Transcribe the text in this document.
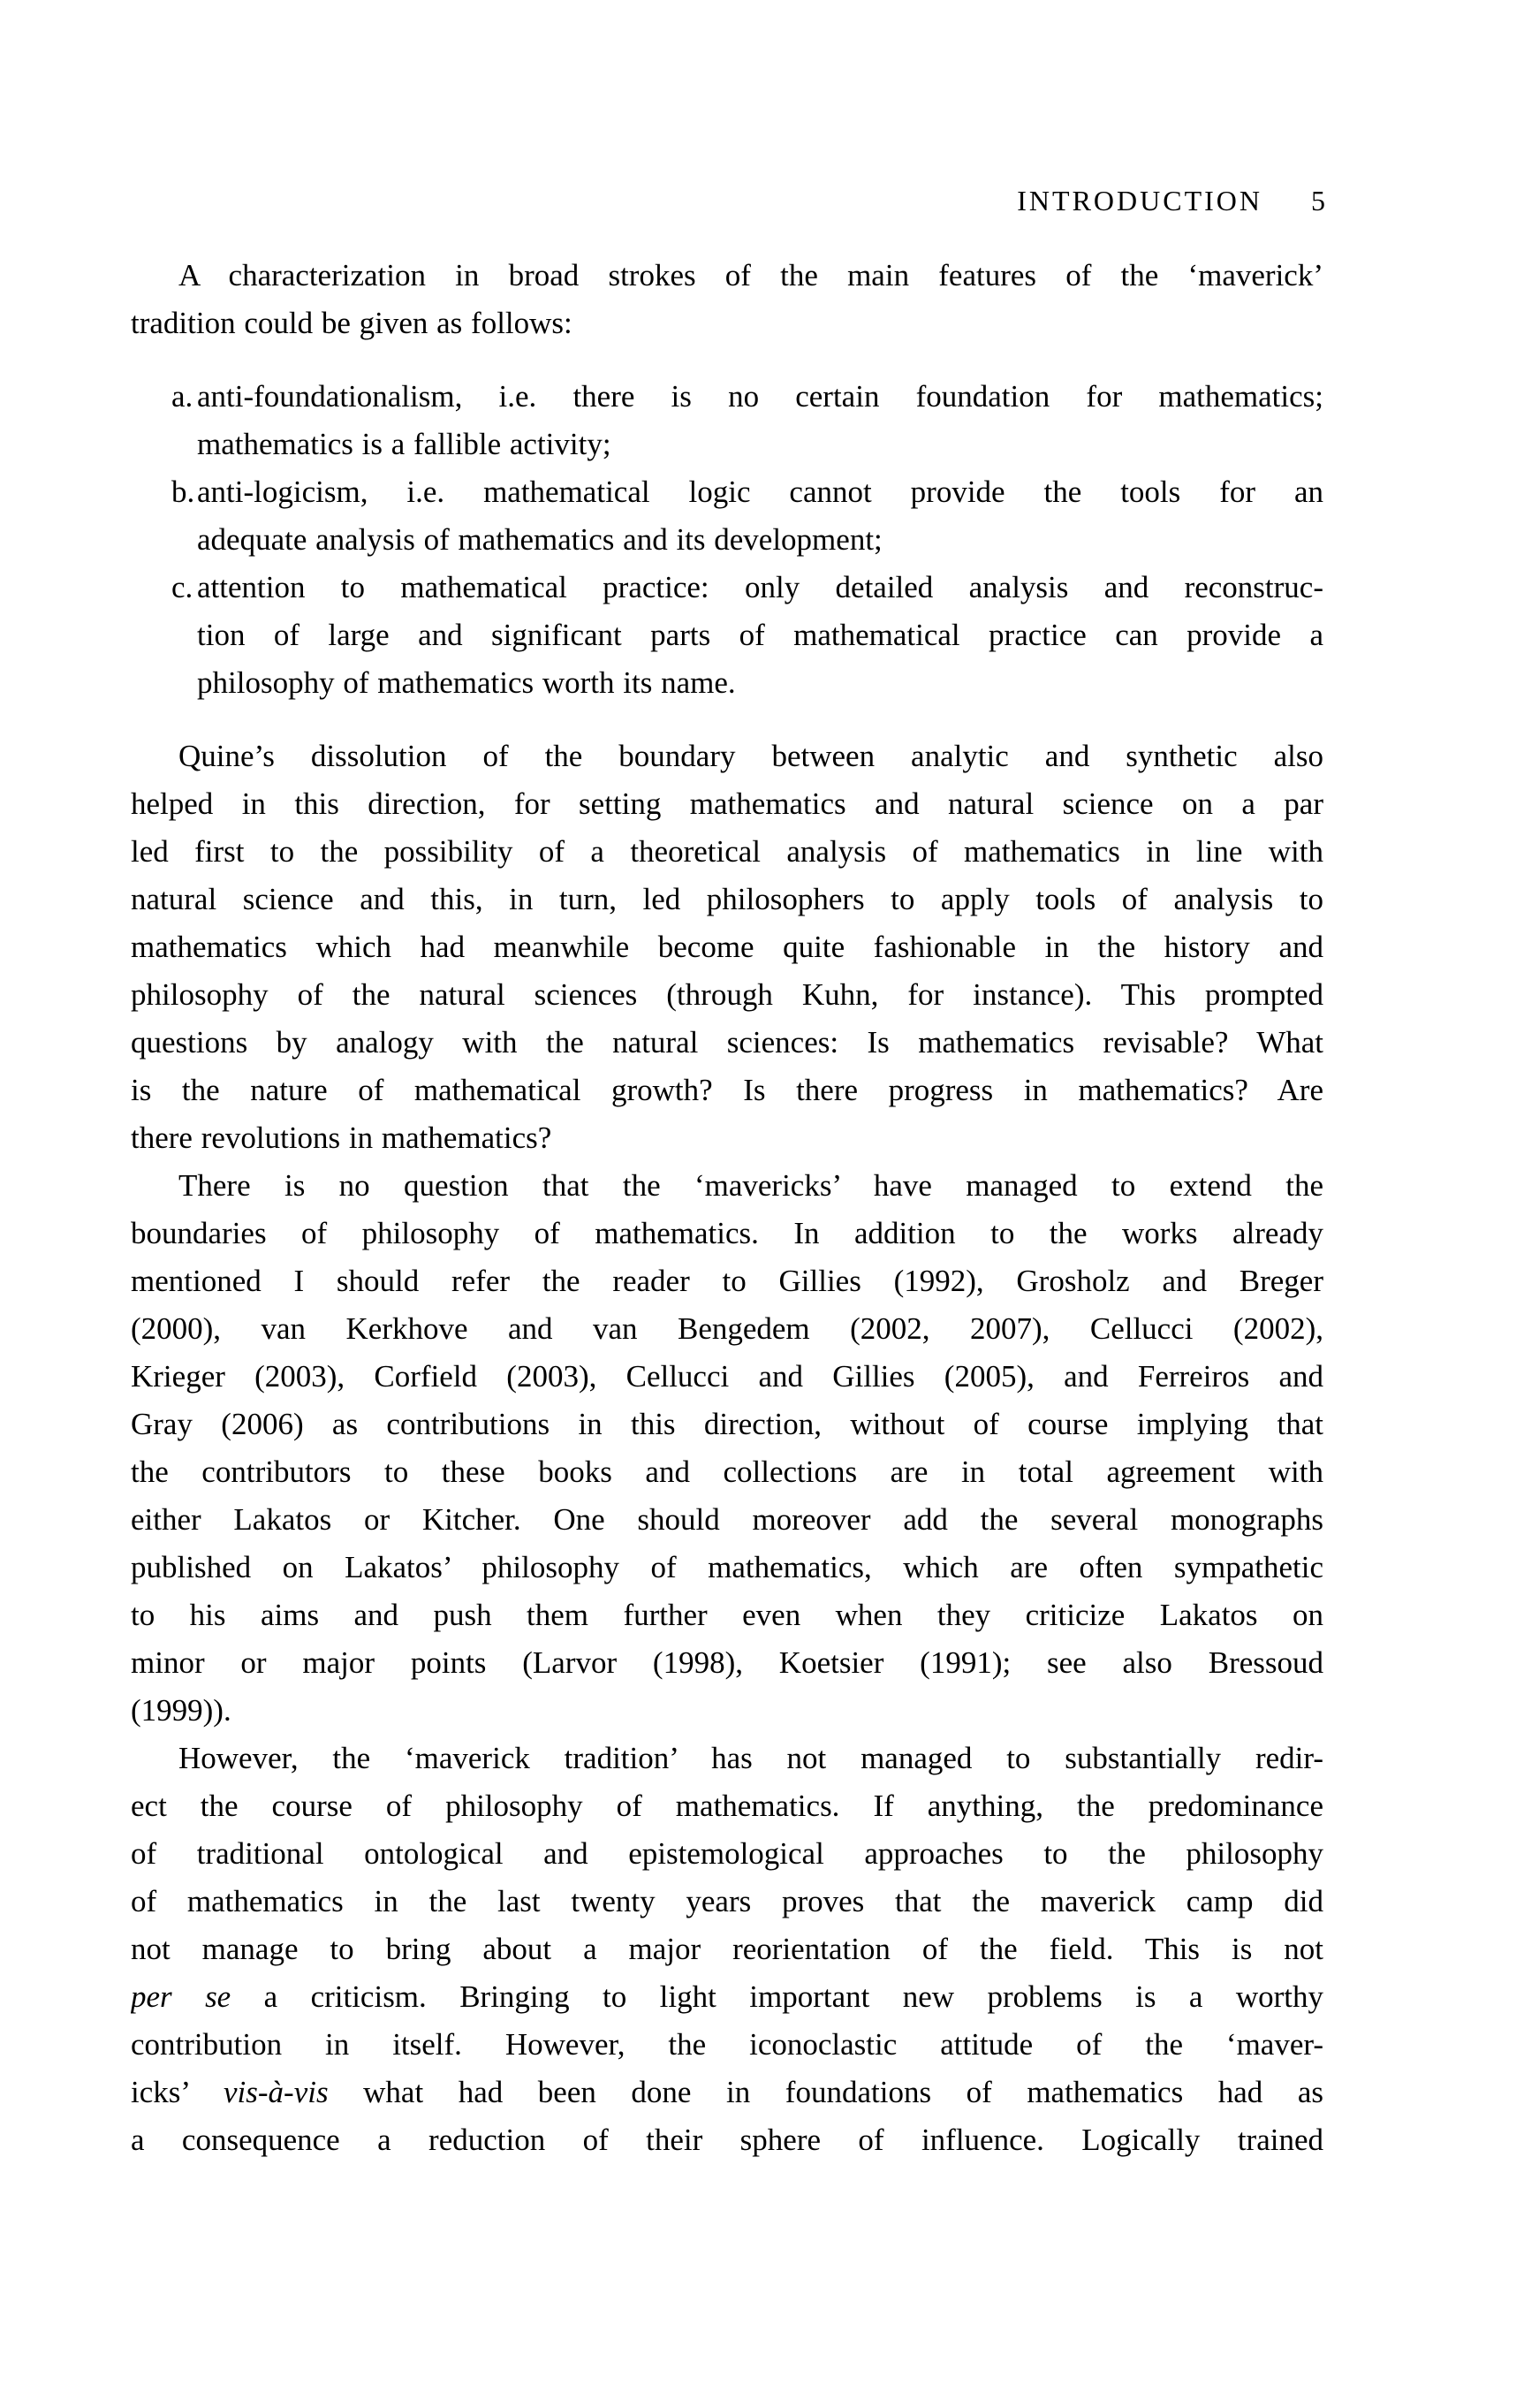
INTRODUCTION 5
A characterization in broad strokes of the main features of the ‘maverick’
tradition could be given as follows:
a. anti-foundationalism, i.e. there is no certain foundation for mathematics;
mathematics is a fallible activity;
b. anti-logicism, i.e. mathematical logic cannot provide the tools for an
adequate analysis of mathematics and its development;
c. attention to mathematical practice: only detailed analysis and reconstruc-
tion of large and significant parts of mathematical practice can provide a
philosophy of mathematics worth its name.
Quine’s dissolution of the boundary between analytic and synthetic also
helped in this direction, for setting mathematics and natural science on a par
led first to the possibility of a theoretical analysis of mathematics in line with
natural science and this, in turn, led philosophers to apply tools of analysis to
mathematics which had meanwhile become quite fashionable in the history and
philosophy of the natural sciences (through Kuhn, for instance). This prompted
questions by analogy with the natural sciences: Is mathematics revisable? What
is the nature of mathematical growth? Is there progress in mathematics? Are
there revolutions in mathematics?
There is no question that the ‘mavericks’ have managed to extend the
boundaries of philosophy of mathematics. In addition to the works already
mentioned I should refer the reader to Gillies (1992), Grosholz and Breger
(2000), van Kerkhove and van Bengedem (2002, 2007), Cellucci (2002),
Krieger (2003), Corfield (2003), Cellucci and Gillies (2005), and Ferreiros and
Gray (2006) as contributions in this direction, without of course implying that
the contributors to these books and collections are in total agreement with
either Lakatos or Kitcher. One should moreover add the several monographs
published on Lakatos’ philosophy of mathematics, which are often sympathetic
to his aims and push them further even when they criticize Lakatos on
minor or major points (Larvor (1998), Koetsier (1991); see also Bressoud
(1999)).
However, the ‘maverick tradition’ has not managed to substantially redir-
ect the course of philosophy of mathematics. If anything, the predominance
of traditional ontological and epistemological approaches to the philosophy
of mathematics in the last twenty years proves that the maverick camp did
not manage to bring about a major reorientation of the field. This is not
per se a criticism. Bringing to light important new problems is a worthy
contribution in itself. However, the iconoclastic attitude of the ‘maver-
icks’ vis-à-vis what had been done in foundations of mathematics had as
a consequence a reduction of their sphere of influence. Logically trained
